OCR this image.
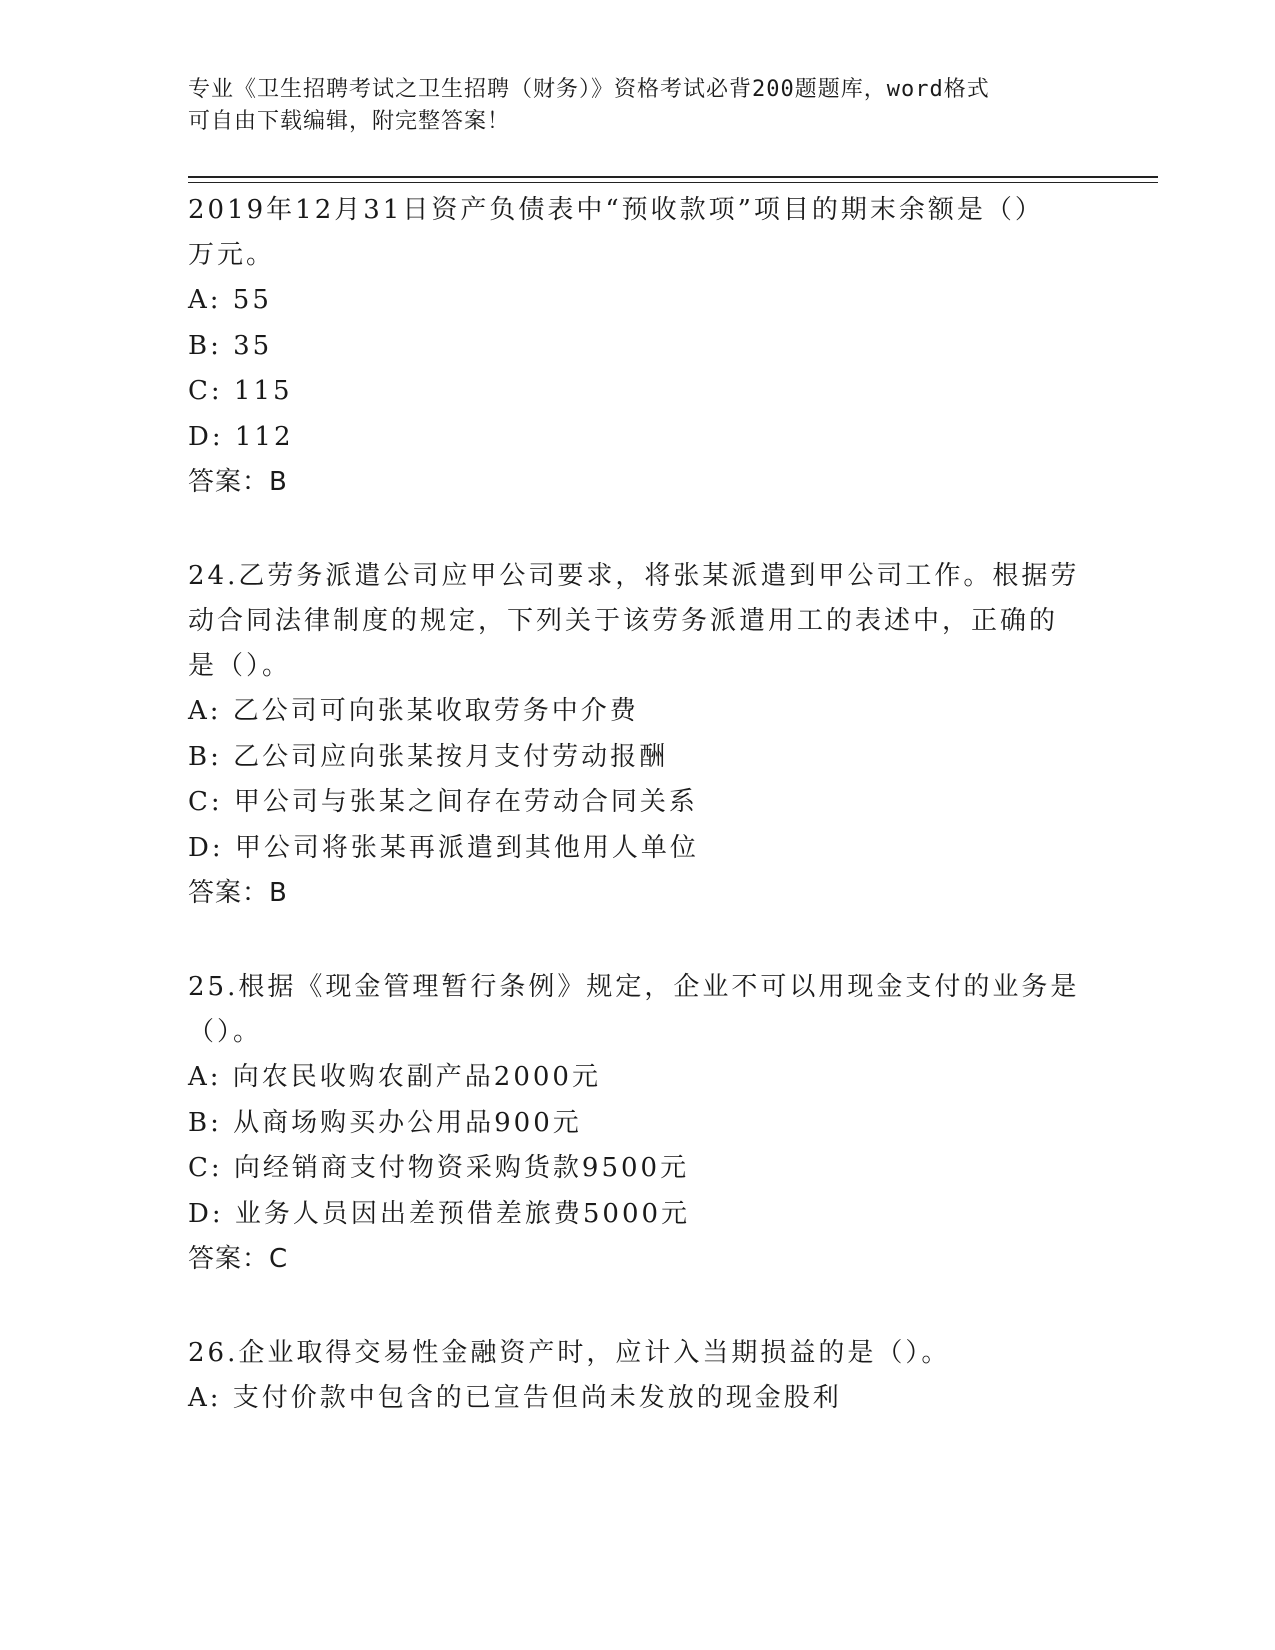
专业《卫生招聘考试之卫生招聘（财务）》资格考试必背200题题库，word格式
可自由下载编辑，附完整答案！

2019年12月31日资产负债表中“预收款项”项目的期末余额是（）

万元。

A: 55

B: 35

C: 115

D: 112

答案：B

24.乙劳务派遣公司应甲公司要求，将张某派遣到甲公司工作。根据劳

动合同法律制度的规定，下列关于该劳务派遣用工的表述中，正确的

是（）。

A: 乙公司可向张某收取劳务中介费

B: 乙公司应向张某按月支付劳动报酬

C: 甲公司与张某之间存在劳动合同关系

D: 甲公司将张某再派遣到其他用人单位

答案：B

25.根据《现金管理暂行条例》规定，企业不可以用现金支付的业务是

（）。

A: 向农民收购农副产品2000元

B: 从商场购买办公用品900元

C: 向经销商支付物资采购货款9500元

D: 业务人员因出差预借差旅费5000元

答案：C

26.企业取得交易性金融资产时，应计入当期损益的是（）。

A: 支付价款中包含的已宣告但尚未发放的现金股利
